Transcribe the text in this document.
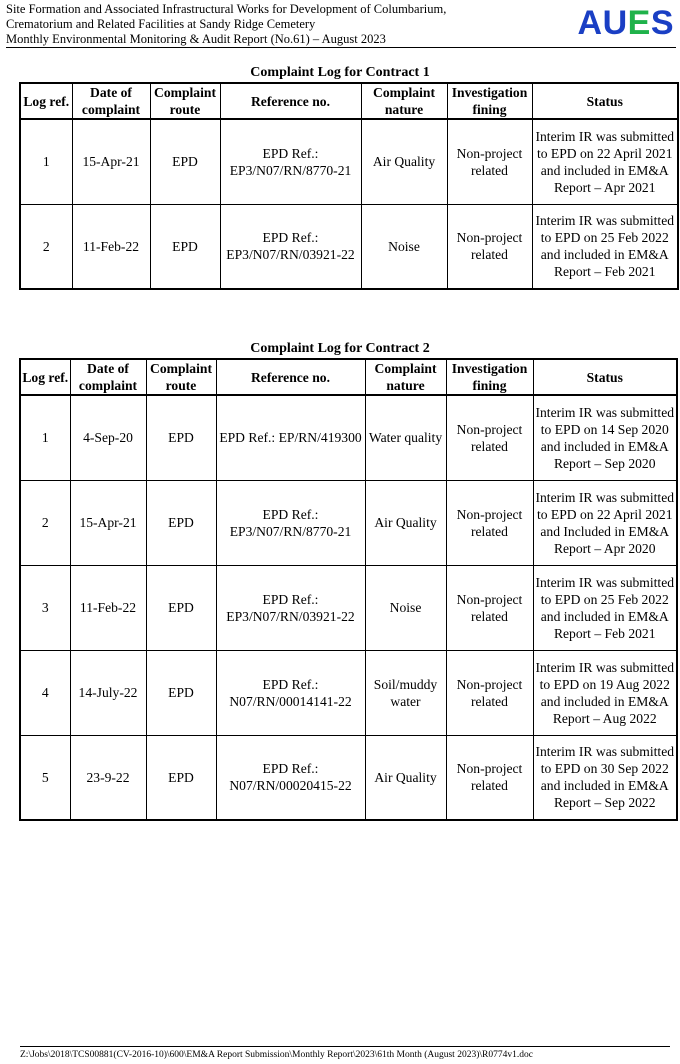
Site Formation and Associated Infrastructural Works for Development of Columbarium,
Crematorium and Related Facilities at Sandy Ridge Cemetery
Monthly Environmental Monitoring & Audit Report (No.61) – August 2023	AUES
Complaint Log for Contract 1
Log ref.	Date of complaint	Complaint route	Reference no.	Complaint nature	Investigation fining	Status
1	15-Apr-21	EPD	EPD Ref.: EP3/N07/RN/8770-21	Air Quality	Non-project related	Interim IR was submitted to EPD on 22 April 2021 and included in EM&A Report – Apr 2021
2	11-Feb-22	EPD	EPD Ref.: EP3/N07/RN/03921-22	Noise	Non-project related	Interim IR was submitted to EPD on 25 Feb 2022 and included in EM&A Report – Feb 2021
Complaint Log for Contract 2
Log ref.	Date of complaint	Complaint route	Reference no.	Complaint nature	Investigation fining	Status
1	4-Sep-20	EPD	EPD Ref.: EP/RN/419300	Water quality	Non-project related	Interim IR was submitted to EPD on 14 Sep 2020 and included in EM&A Report – Sep 2020
2	15-Apr-21	EPD	EPD Ref.: EP3/N07/RN/8770-21	Air Quality	Non-project related	Interim IR was submitted to EPD on 22 April 2021 and Included in EM&A Report – Apr 2020
3	11-Feb-22	EPD	EPD Ref.: EP3/N07/RN/03921-22	Noise	Non-project related	Interim IR was submitted to EPD on 25 Feb 2022 and included in EM&A Report – Feb 2021
4	14-July-22	EPD	EPD Ref.: N07/RN/00014141-22	Soil/muddy water	Non-project related	Interim IR was submitted to EPD on 19 Aug 2022 and included in EM&A Report – Aug 2022
5	23-9-22	EPD	EPD Ref.: N07/RN/00020415-22	Air Quality	Non-project related	Interim IR was submitted to EPD on 30 Sep 2022 and included in EM&A Report – Sep 2022
Z:\Jobs\2018\TCS00881(CV-2016-10)\600\EM&A Report Submission\Monthly Report\2023\61th Month (August 2023)\R0774v1.doc
